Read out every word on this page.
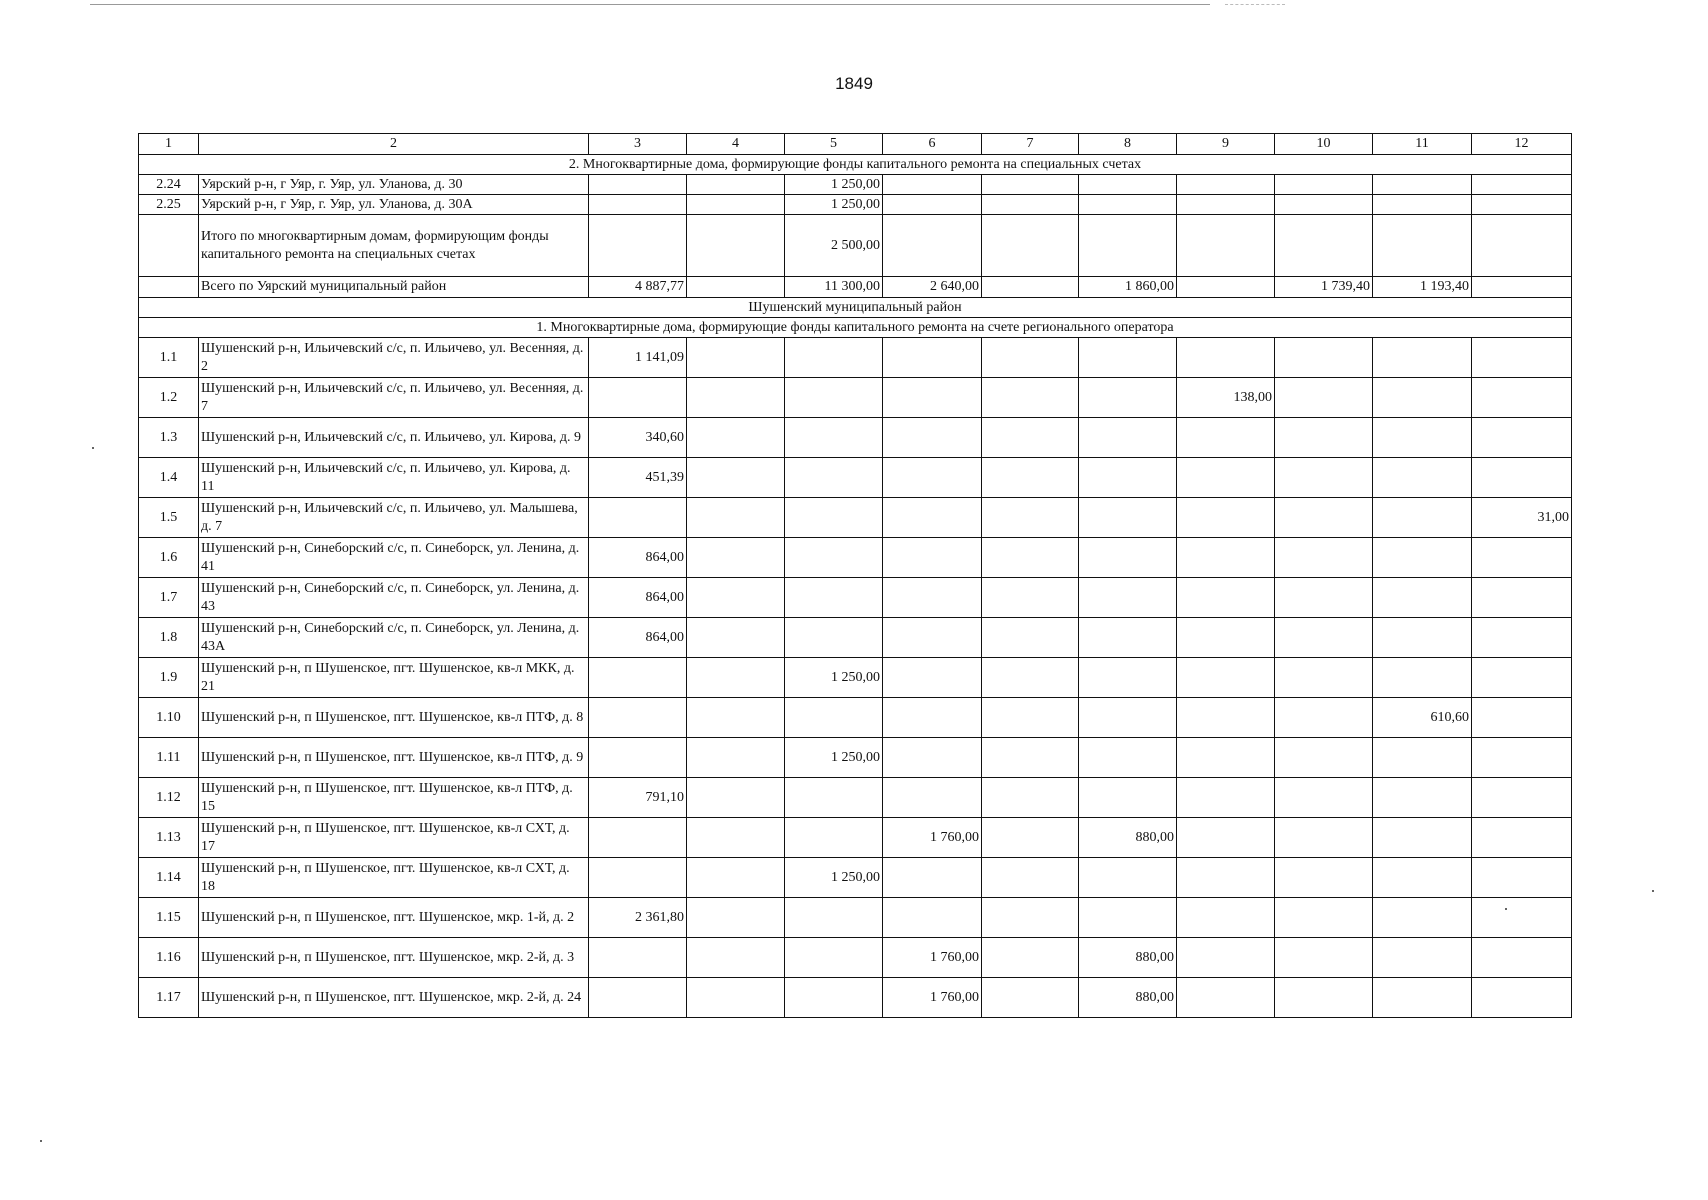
1849
1	2	3	4	5	6	7	8	9	10	11	12
2. Многоквартирные дома, формирующие фонды капитального ремонта на специальных счетах											
2.24	Уярский р-н, г Уяр, г. Уяр, ул. Уланова, д. 30			1 250,00							
2.25	Уярский р-н, г Уяр, г. Уяр, ул. Уланова, д. 30А			1 250,00							
	Итого по многоквартирным домам, формирующим фонды капитального ремонта на специальных счетах			2 500,00							
	Всего по Уярский муниципальный район	4 887,77		11 300,00	2 640,00		1 860,00		1 739,40	1 193,40	
Шушенский муниципальный район											
1. Многоквартирные дома, формирующие фонды капитального ремонта на счете регионального оператора											
1.1	Шушенский р-н, Ильичевский с/с, п. Ильичево, ул. Весенняя, д. 2	1 141,09									
1.2	Шушенский р-н, Ильичевский с/с, п. Ильичево, ул. Весенняя, д. 7							138,00			
1.3	Шушенский р-н, Ильичевский с/с, п. Ильичево, ул. Кирова, д. 9	340,60									
1.4	Шушенский р-н, Ильичевский с/с, п. Ильичево, ул. Кирова, д. 11	451,39									
1.5	Шушенский р-н, Ильичевский с/с, п. Ильичево, ул. Малышева, д. 7										31,00
1.6	Шушенский р-н, Синеборский с/с, п. Синеборск, ул. Ленина, д. 41	864,00									
1.7	Шушенский р-н, Синеборский с/с, п. Синеборск, ул. Ленина, д. 43	864,00									
1.8	Шушенский р-н, Синеборский с/с, п. Синеборск, ул. Ленина, д. 43А	864,00									
1.9	Шушенский р-н, п Шушенское, пгт. Шушенское, кв-л МКК, д. 21			1 250,00							
1.10	Шушенский р-н, п Шушенское, пгт. Шушенское, кв-л ПТФ, д. 8									610,60	
1.11	Шушенский р-н, п Шушенское, пгт. Шушенское, кв-л ПТФ, д. 9			1 250,00							
1.12	Шушенский р-н, п Шушенское, пгт. Шушенское, кв-л ПТФ, д. 15	791,10									
1.13	Шушенский р-н, п Шушенское, пгт. Шушенское, кв-л СХТ, д. 17				1 760,00		880,00				
1.14	Шушенский р-н, п Шушенское, пгт. Шушенское, кв-л СХТ, д. 18			1 250,00							
1.15	Шушенский р-н, п Шушенское, пгт. Шушенское, мкр. 1-й, д. 2	2 361,80									
1.16	Шушенский р-н, п Шушенское, пгт. Шушенское, мкр. 2-й, д. 3				1 760,00		880,00				
1.17	Шушенский р-н, п Шушенское, пгт. Шушенское, мкр. 2-й, д. 24				1 760,00		880,00				
